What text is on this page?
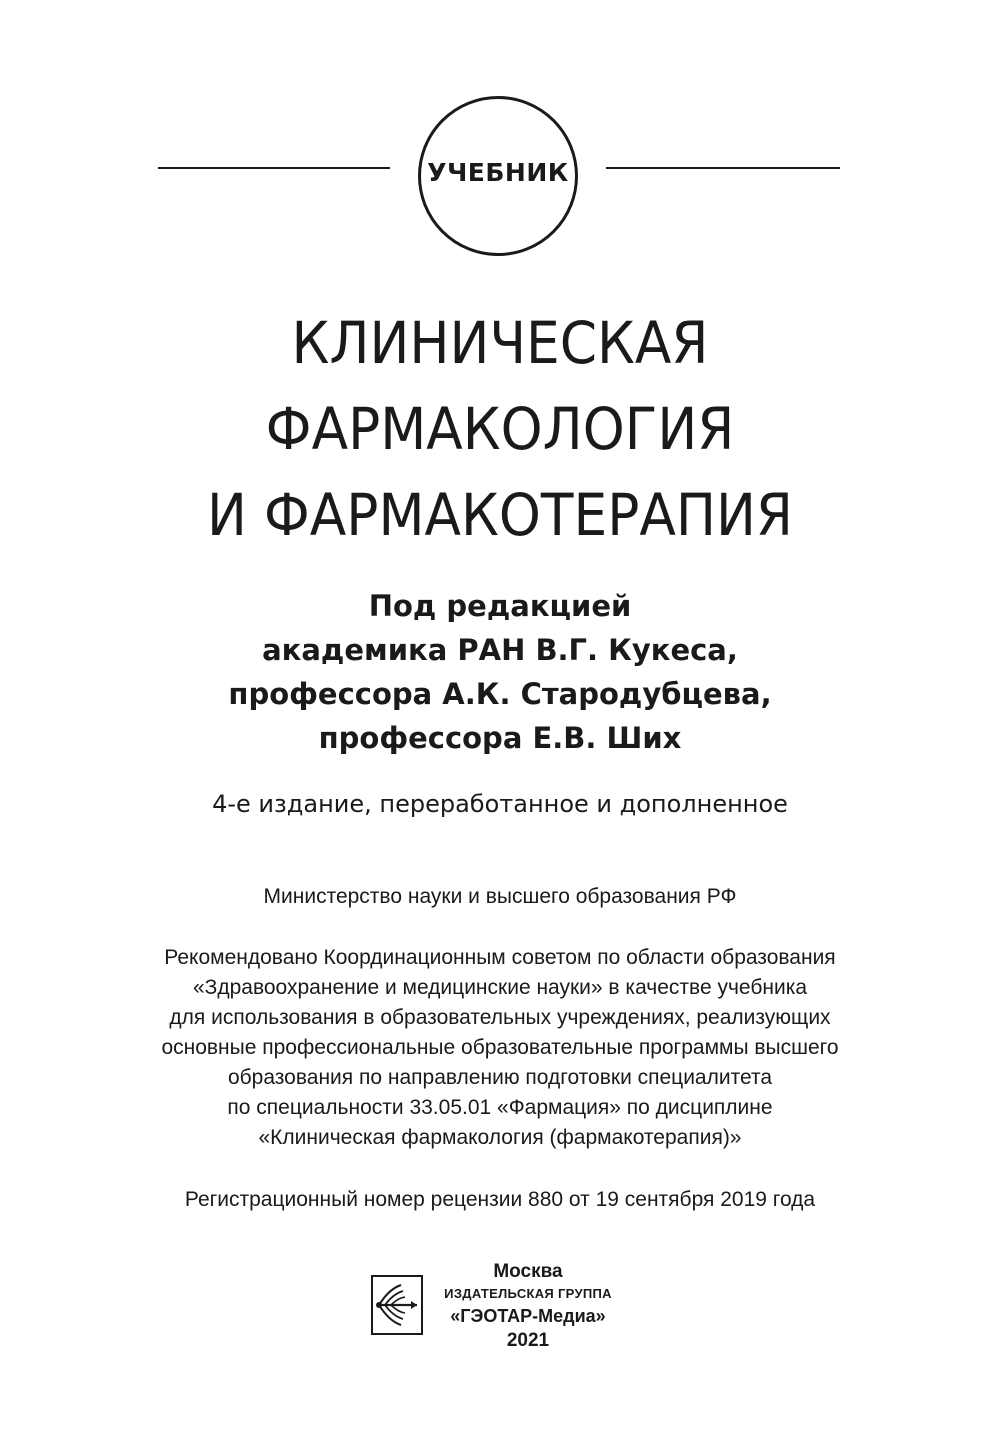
УЧЕБНИК
КЛИНИЧЕСКАЯ
ФАРМАКОЛОГИЯ
И ФАРМАКОТЕРАПИЯ
Под редакцией
академика РАН В.Г. Кукеса,
профессора А.К. Стародубцева,
профессора Е.В. Ших
4-е издание, переработанное и дополненное
Министерство науки и высшего образования РФ
Рекомендовано Координационным советом по области образования
«Здравоохранение и медицинские науки» в качестве учебника
для использования в образовательных учреждениях, реализующих
основные профессиональные образовательные программы высшего
образования по направлению подготовки специалитета
по специальности 33.05.01 «Фармация» по дисциплине
«Клиническая фармакология (фармакотерапия)»
Регистрационный номер рецензии 880 от 19 сентября 2019 года
Москва
ИЗДАТЕЛЬСКАЯ ГРУППА
«ГЭОТАР-Медиа»
2021
